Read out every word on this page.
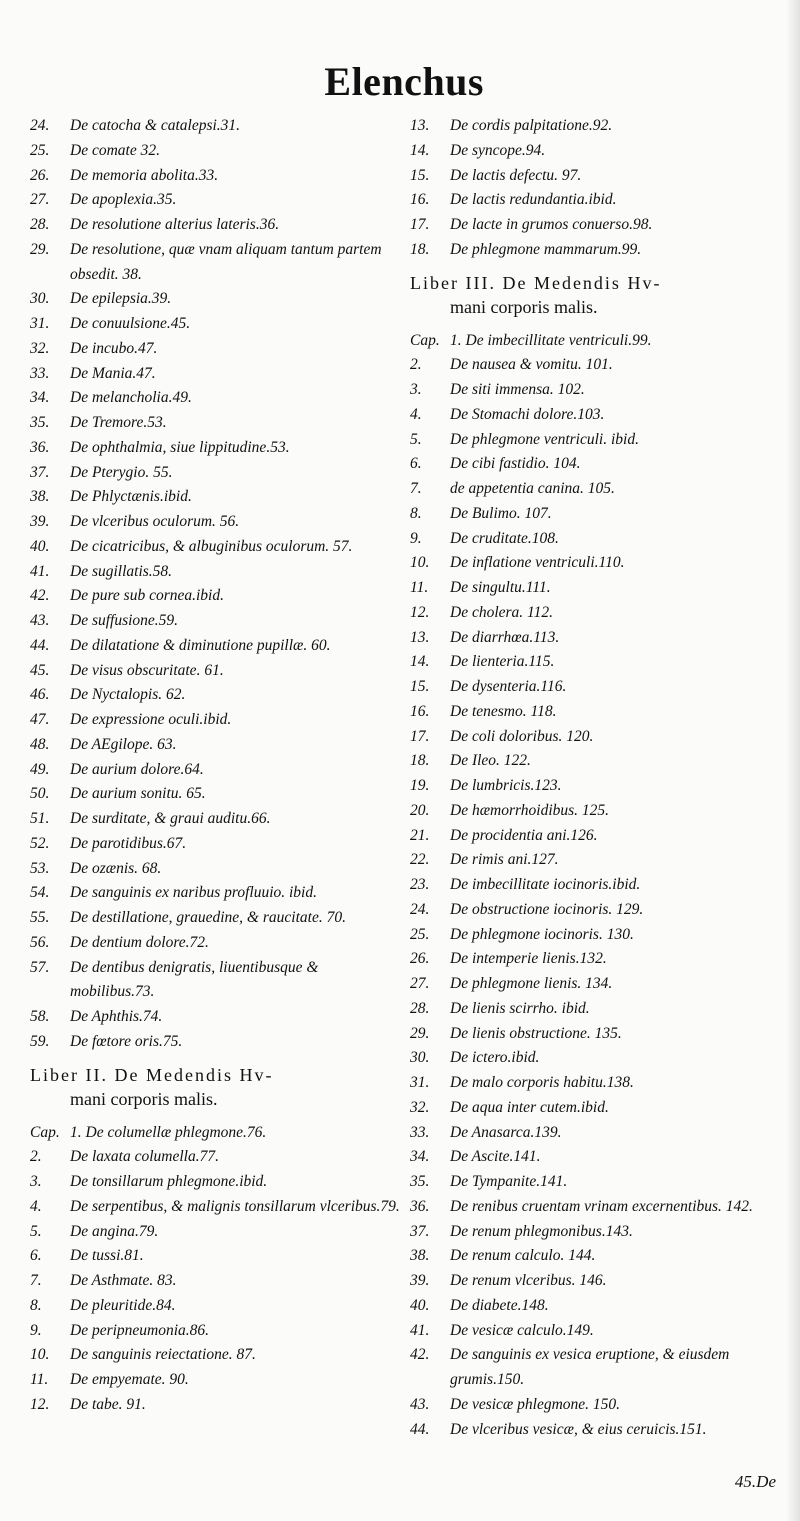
Elenchus
24.	De catocha & catalepsi.31.
25.	De comate 32.
26.	De memoria abolita.33.
27.	De apoplexia.35.
28.	De resolutione alterius lateris.36.
29.	De resolutione, quæ vnam aliquam tantum partem obsedit. 38.
30.	De epilepsia.39.
31.	De conuulsione.45.
32.	De incubo.47.
33.	De Mania.47.
34.	De melancholia.49.
35.	De Tremore.53.
36.	De ophthalmia, siue lippitudine.53.
37.	De Pterygio. 55.
38.	De Phlyctænis.ibid.
39.	De vlceribus oculorum. 56.
40.	De cicatricibus, & albuginibus oculorum. 57.
41.	De sugillatis.58.
42.	De pure sub cornea.ibid.
43.	De suffusione.59.
44.	De dilatatione & diminutione pupillæ. 60.
45.	De visus obscuritate. 61.
46.	De Nyctalopis. 62.
47.	De expressione oculi.ibid.
48.	De AEgilope. 63.
49.	De aurium dolore.64.
50.	De aurium sonitu. 65.
51.	De surditate, & graui auditu.66.
52.	De parotidibus.67.
53.	De ozænis. 68.
54.	De sanguinis ex naribus profluuio. ibid.
55.	De destillatione, grauedine, & raucitate. 70.
56.	De dentium dolore.72.
57.	De dentibus denigratis, liuentibusque & mobilibus.73.
58.	De Aphthis.74.
59.	De fœtore oris.75.
Liber II. De Medendis Hv-
mani corporis malis.
Cap. 1. De columellæ phlegmone.76.
2.	De laxata columella.77.
3.	De tonsillarum phlegmone.ibid.
4.	De serpentibus, & malignis tonsillarum vlceribus.79.
5.	De angina.79.
6.	De tussi.81.
7.	De Asthmate. 83.
8.	De pleuritide.84.
9.	De peripneumonia.86.
10.	De sanguinis reiectatione. 87.
11.	De empyemate. 90.
12.	De tabe. 91.
13.	De cordis palpitatione.92.
14.	De syncope.94.
15.	De lactis defectu. 97.
16.	De lactis redundantia.ibid.
17.	De lacte in grumos conuerso.98.
18.	De phlegmone mammarum.99.
Liber III. De Medendis Hv-
mani corporis malis.
Cap. 1. De imbecillitate ventriculi.99.
2.	De nausea & vomitu. 101.
3.	De siti immensa. 102.
4.	De Stomachi dolore.103.
5.	De phlegmone ventriculi. ibid.
6.	De cibi fastidio. 104.
7.	de appetentia canina. 105.
8.	De Bulimo. 107.
9.	De cruditate.108.
10.	De inflatione ventriculi.110.
11.	De singultu.111.
12.	De cholera. 112.
13.	De diarrhœa.113.
14.	De lienteria.115.
15.	De dysenteria.116.
16.	De tenesmo. 118.
17.	De coli doloribus. 120.
18.	De Ileo. 122.
19.	De lumbricis.123.
20.	De hæmorrhoidibus. 125.
21.	De procidentia ani.126.
22.	De rimis ani.127.
23.	De imbecillitate iocinoris.ibid.
24.	De obstructione iocinoris. 129.
25.	De phlegmone iocinoris. 130.
26.	De intemperie lienis.132.
27.	De phlegmone lienis. 134.
28.	De lienis scirrho. ibid.
29.	De lienis obstructione. 135.
30.	De ictero.ibid.
31.	De malo corporis habitu.138.
32.	De aqua inter cutem.ibid.
33.	De Anasarca.139.
34.	De Ascite.141.
35.	De Tympanite.141.
36.	De renibus cruentam vrinam excernentibus. 142.
37.	De renum phlegmonibus.143.
38.	De renum calculo. 144.
39.	De renum vlceribus. 146.
40.	De diabete.148.
41.	De vesicæ calculo.149.
42.	De sanguinis ex vesica eruptione, & eiusdem grumis.150.
43.	De vesicæ phlegmone. 150.
44.	De vlceribus vesicæ, & eius ceruicis.151.
45.De
